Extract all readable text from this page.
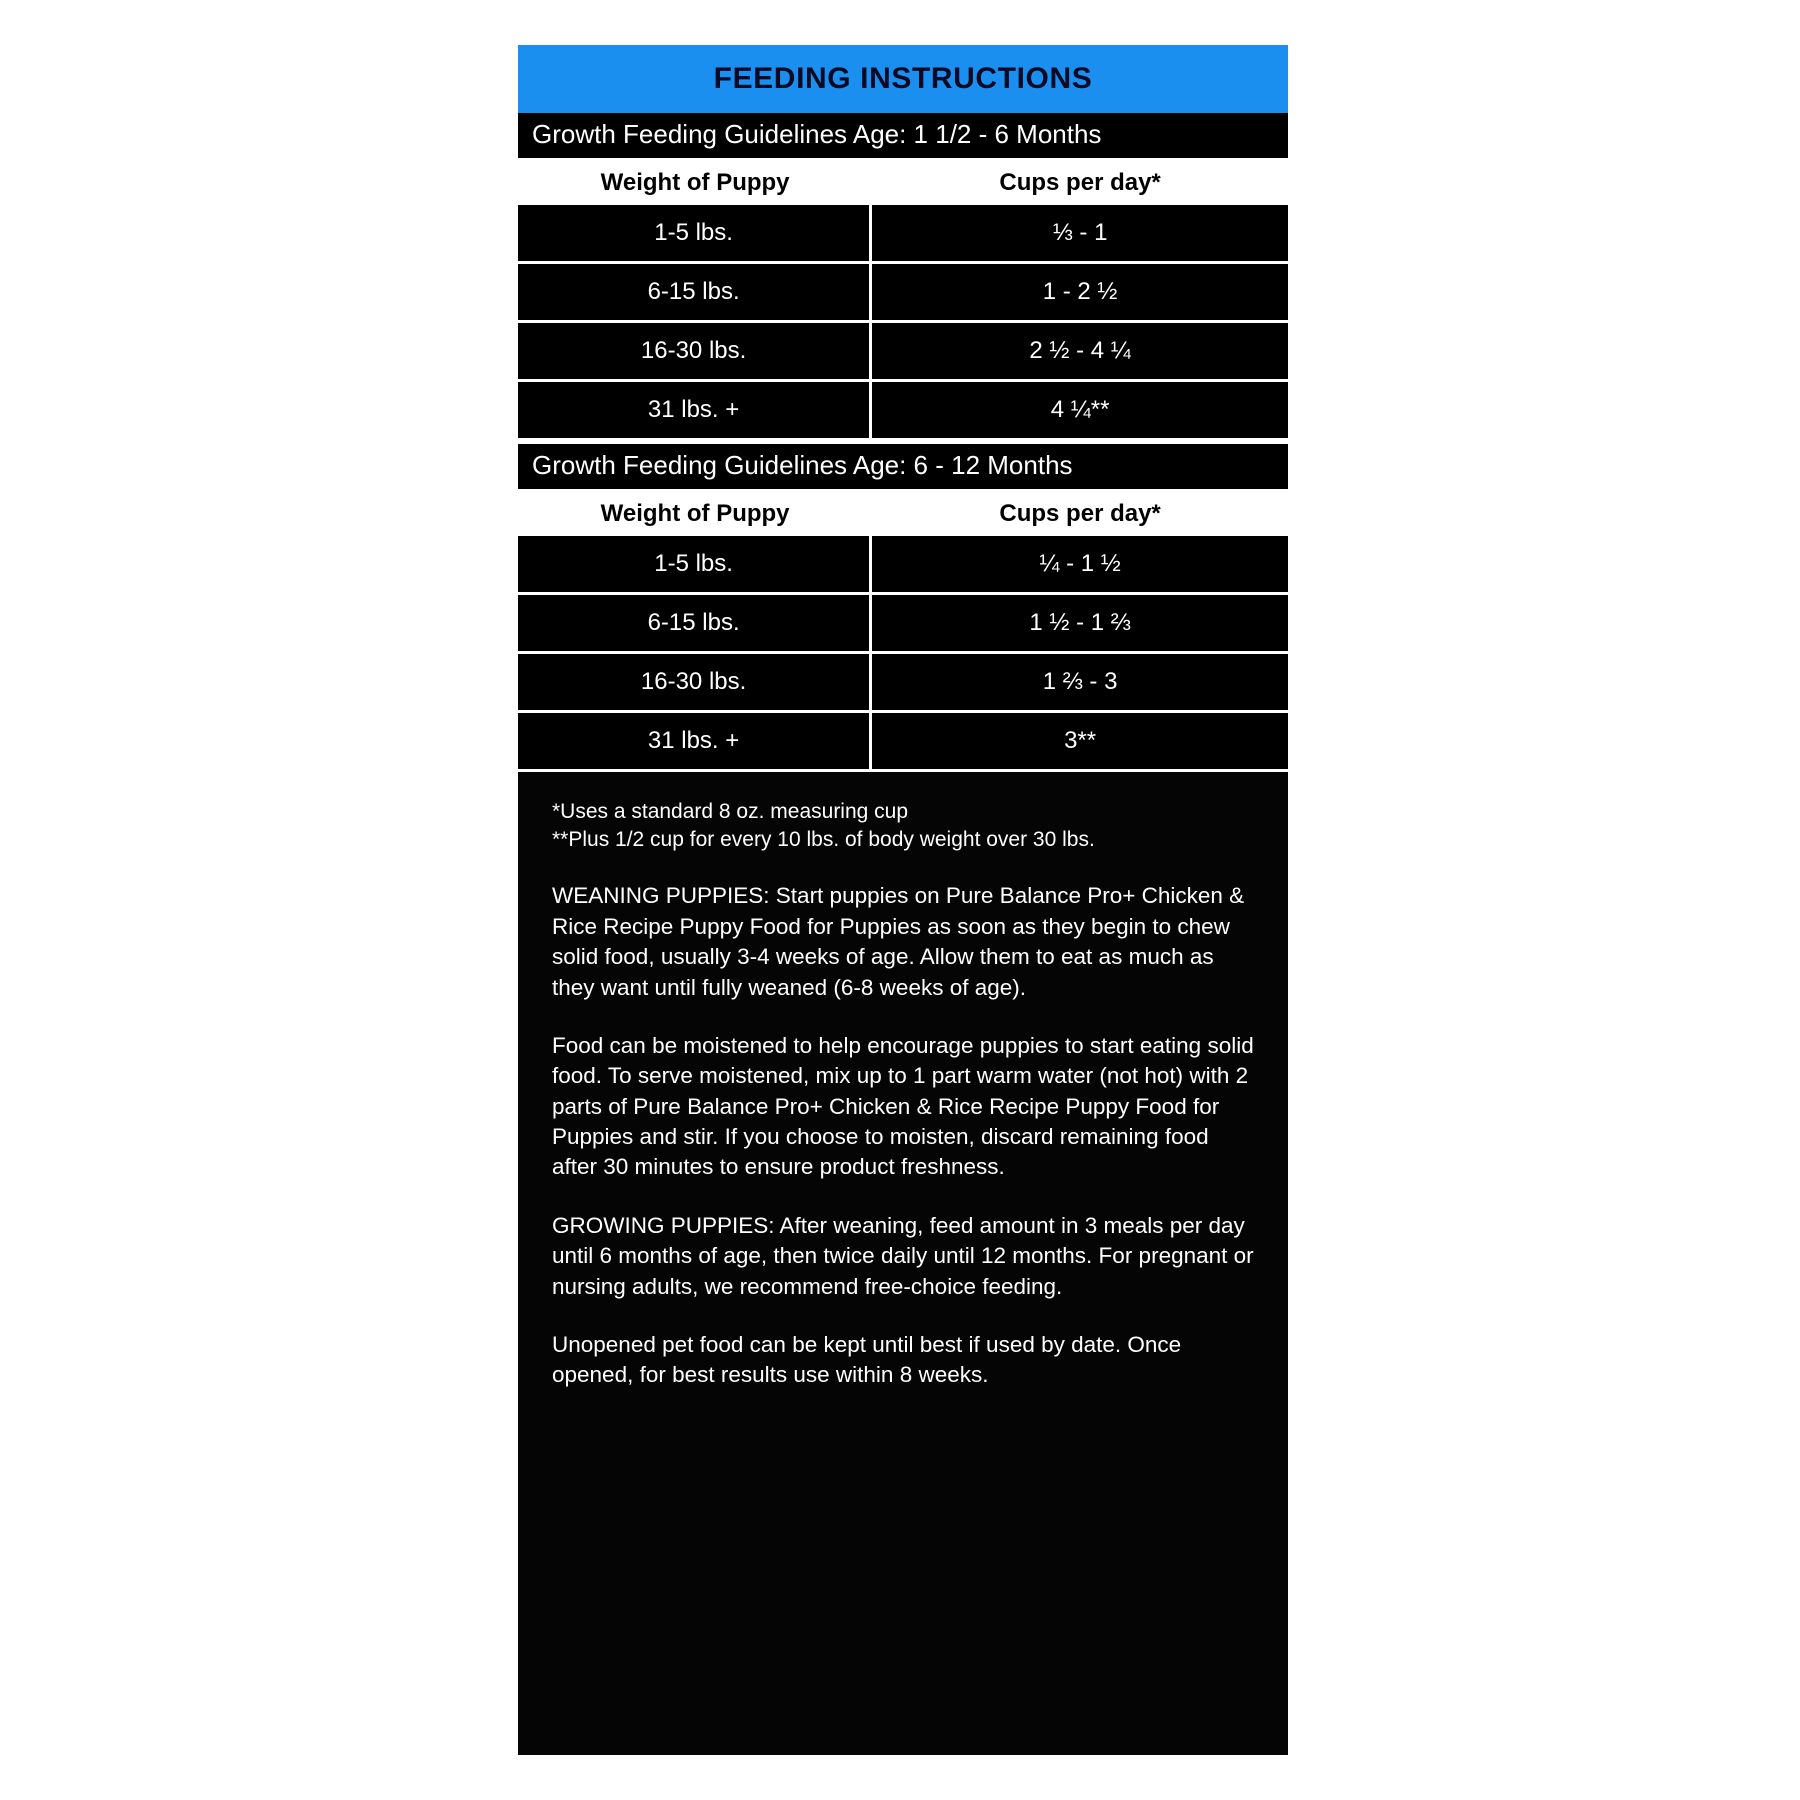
FEEDING INSTRUCTIONS
Growth Feeding Guidelines Age: 1 1/2 - 6 Months
Weight of Puppy	Cups per day*
1-5 lbs.	⅓ - 1
6-15 lbs.	1 - 2 ½
16-30 lbs.	2 ½ - 4 ¼
31 lbs. +	4 ¼**
Growth Feeding Guidelines Age: 6 - 12 Months
Weight of Puppy	Cups per day*
1-5 lbs.	¼ - 1 ½
6-15 lbs.	1 ½ - 1 ⅔
16-30 lbs.	1 ⅔ - 3
31 lbs. +	3**
*Uses a standard 8 oz. measuring cup
**Plus 1/2 cup for every 10 lbs. of body weight over 30 lbs.
WEANING PUPPIES: Start puppies on Pure Balance Pro+ Chicken & Rice Recipe Puppy Food for Puppies as soon as they begin to chew solid food, usually 3-4 weeks of age. Allow them to eat as much as they want until fully weaned (6-8 weeks of age).
Food can be moistened to help encourage puppies to start eating solid food. To serve moistened, mix up to 1 part warm water (not hot) with 2 parts of Pure Balance Pro+ Chicken & Rice Recipe Puppy Food for Puppies and stir. If you choose to moisten, discard remaining food after 30 minutes to ensure product freshness.
GROWING PUPPIES: After weaning, feed amount in 3 meals per day until 6 months of age, then twice daily until 12 months. For pregnant or nursing adults, we recommend free-choice feeding.
Unopened pet food can be kept until best if used by date. Once opened, for best results use within 8 weeks.
